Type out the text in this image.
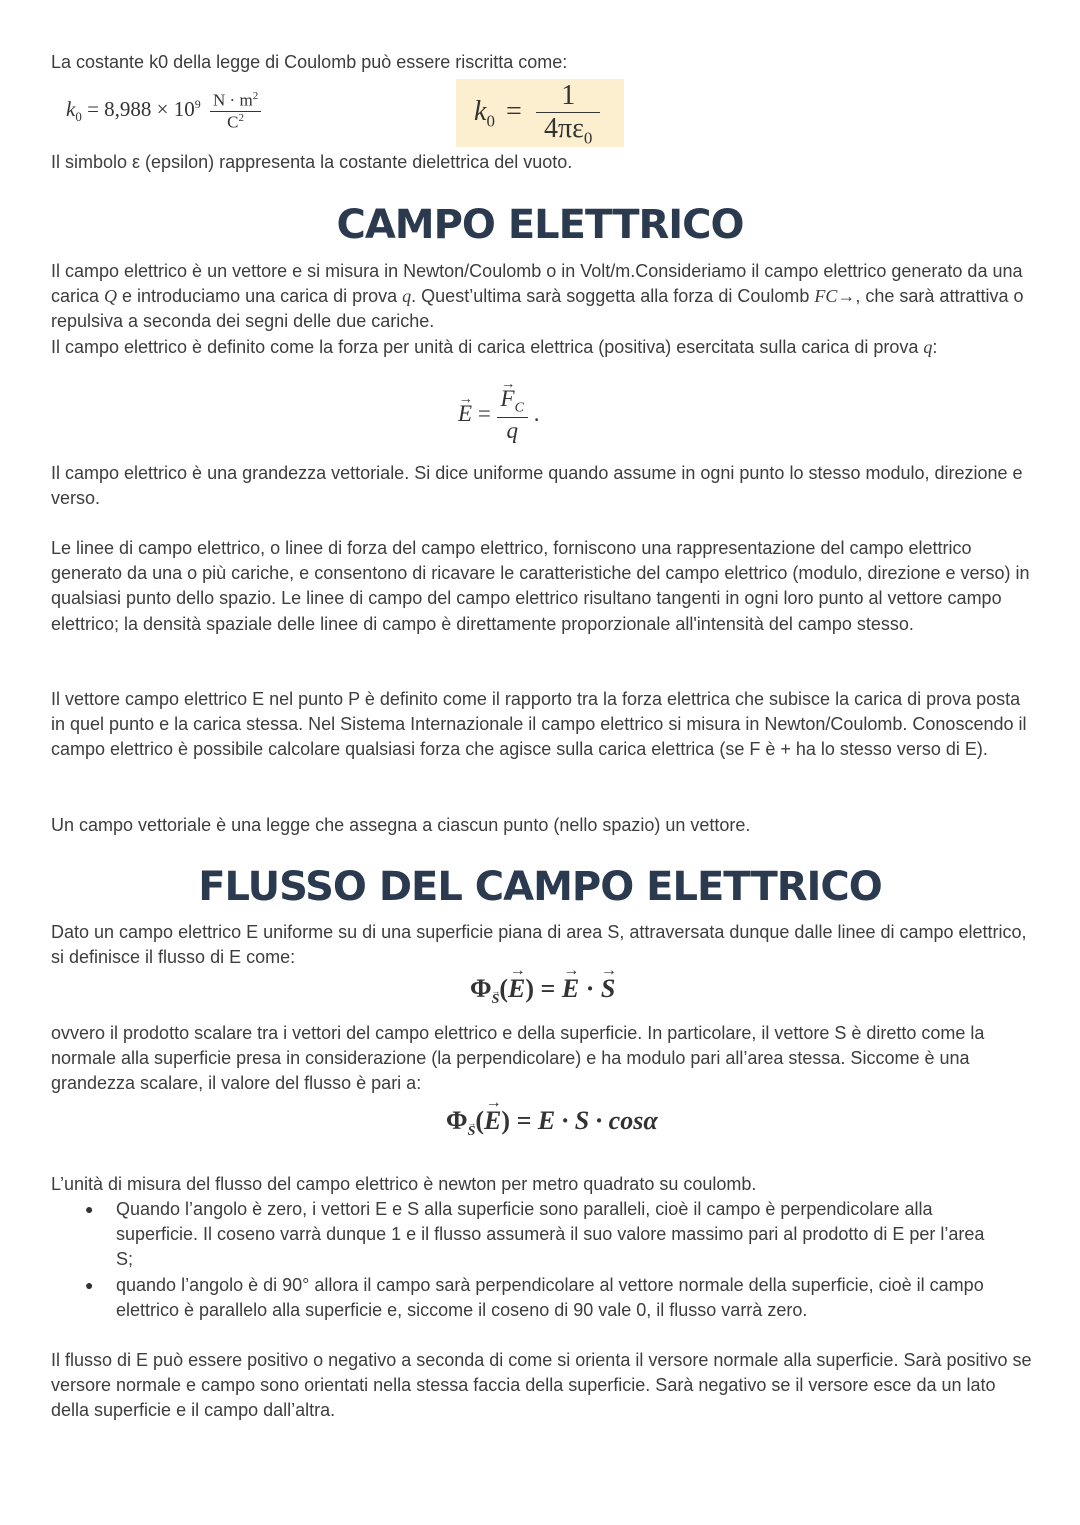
La costante k0 della legge di Coulomb può essere riscritta come:

$k_0 = 8,988 \times 10^9 \frac{N \cdot m^2}{C^2}$	$k_0 = \frac{1}{4\pi\varepsilon_0}$

Il simbolo ε (epsilon) rappresenta la costante dielettrica del vuoto.

CAMPO ELETTRICO

Il campo elettrico è un vettore e si misura in Newton/Coulomb o in Volt/m.Consideriamo il campo elettrico generato da una carica Q e introduciamo una carica di prova q. Quest’ultima sarà soggetta alla forza di Coulomb FC→, che sarà attrattiva o repulsiva a seconda dei segni delle due cariche.

Il campo elettrico è definito come la forza per unità di carica elettrica (positiva) esercitata sulla carica di prova q:

→ E = → $\frac{F_C}{q}$ .

Il campo elettrico è una grandezza vettoriale. Si dice uniforme quando assume in ogni punto lo stesso modulo, direzione e verso.

Le linee di campo elettrico, o linee di forza del campo elettrico, forniscono una rappresentazione del campo elettrico generato da una o più cariche, e consentono di ricavare le caratteristiche del campo elettrico (modulo, direzione e verso) in qualsiasi punto dello spazio. Le linee di campo del campo elettrico risultano tangenti in ogni loro punto al vettore campo elettrico; la densità spaziale delle linee di campo è direttamente proporzionale all'intensità del campo stesso.

Il vettore campo elettrico E nel punto P è definito come il rapporto tra la forza elettrica che subisce la carica di prova posta in quel punto e la carica stessa. Nel Sistema Internazionale il campo elettrico si misura in Newton/Coulomb. Conoscendo il campo elettrico è possibile calcolare qualsiasi forza che agisce sulla carica elettrica (se F è + ha lo stesso verso di E).

Un campo vettoriale è una legge che assegna a ciascun punto (nello spazio) un vettore.

FLUSSO DEL CAMPO ELETTRICO

Dato un campo elettrico E uniforme su di una superficie piana di area S, attraversata dunque dalle linee di campo elettrico, si definisce il flusso di E come:

Φ→ $_S$(→ E) = → E · → S

ovvero il prodotto scalare tra i vettori del campo elettrico e della superficie. In particolare, il vettore S è diretto come la normale alla superficie presa in considerazione (la perpendicolare) e ha modulo pari all’area stessa. Siccome è una grandezza scalare, il valore del flusso è pari a:

Φ→ $_S$(→ E) = E · S · cosα

L’unità di misura del flusso del campo elettrico è newton per metro quadrato su coulomb.

● Quando l’angolo è zero, i vettori E e S alla superficie sono paralleli, cioè il campo è perpendicolare alla superficie. Il coseno varrà dunque 1 e il flusso assumerà il suo valore massimo pari al prodotto di E per l’area S;

● quando l’angolo è di 90° allora il campo sarà perpendicolare al vettore normale della superficie, cioè il campo elettrico è parallelo alla superficie e, siccome il coseno di 90 vale 0, il flusso varrà zero.

Il flusso di E può essere positivo o negativo a seconda di come si orienta il versore normale alla superficie. Sarà positivo se versore normale e campo sono orientati nella stessa faccia della superficie. Sarà negativo se il versore esce da un lato della superficie e il campo dall’altra.
